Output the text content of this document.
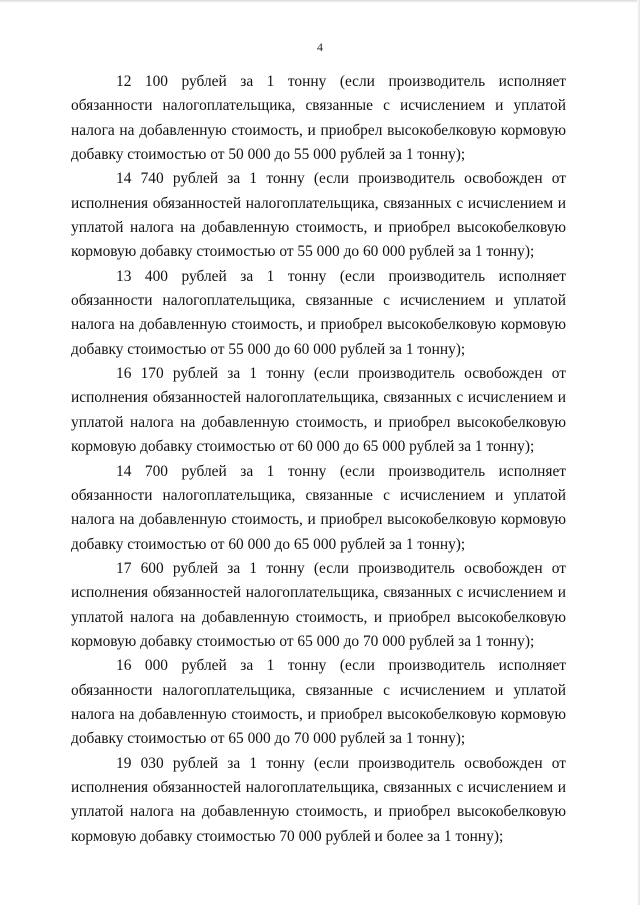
4

12 100 рублей за 1 тонну (если производитель исполняет обязанности налогоплательщика, связанные с исчислением и уплатой налога на добавленную стоимость, и приобрел высокобелковую кормовую добавку стоимостью от 50 000 до 55 000 рублей за 1 тонну);

14 740 рублей за 1 тонну (если производитель освобожден от исполнения обязанностей налогоплательщика, связанных с исчислением и уплатой налога на добавленную стоимость, и приобрел высокобелковую кормовую добавку стоимостью от 55 000 до 60 000 рублей за 1 тонну);

13 400 рублей за 1 тонну (если производитель исполняет обязанности налогоплательщика, связанные с исчислением и уплатой налога на добавленную стоимость, и приобрел высокобелковую кормовую добавку стоимостью от 55 000 до 60 000 рублей за 1 тонну);

16 170 рублей за 1 тонну (если производитель освобожден от исполнения обязанностей налогоплательщика, связанных с исчислением и уплатой налога на добавленную стоимость, и приобрел высокобелковую кормовую добавку стоимостью от 60 000 до 65 000 рублей за 1 тонну);

14 700 рублей за 1 тонну (если производитель исполняет обязанности налогоплательщика, связанные с исчислением и уплатой налога на добавленную стоимость, и приобрел высокобелковую кормовую добавку стоимостью от 60 000 до 65 000 рублей за 1 тонну);

17 600 рублей за 1 тонну (если производитель освобожден от исполнения обязанностей налогоплательщика, связанных с исчислением и уплатой налога на добавленную стоимость, и приобрел высокобелковую кормовую добавку стоимостью от 65 000 до 70 000 рублей за 1 тонну);

16 000 рублей за 1 тонну (если производитель исполняет обязанности налогоплательщика, связанные с исчислением и уплатой налога на добавленную стоимость, и приобрел высокобелковую кормовую добавку стоимостью от 65 000 до 70 000 рублей за 1 тонну);

19 030 рублей за 1 тонну (если производитель освобожден от исполнения обязанностей налогоплательщика, связанных с исчислением и уплатой налога на добавленную стоимость, и приобрел высокобелковую кормовую добавку стоимостью 70 000 рублей и более за 1 тонну);
